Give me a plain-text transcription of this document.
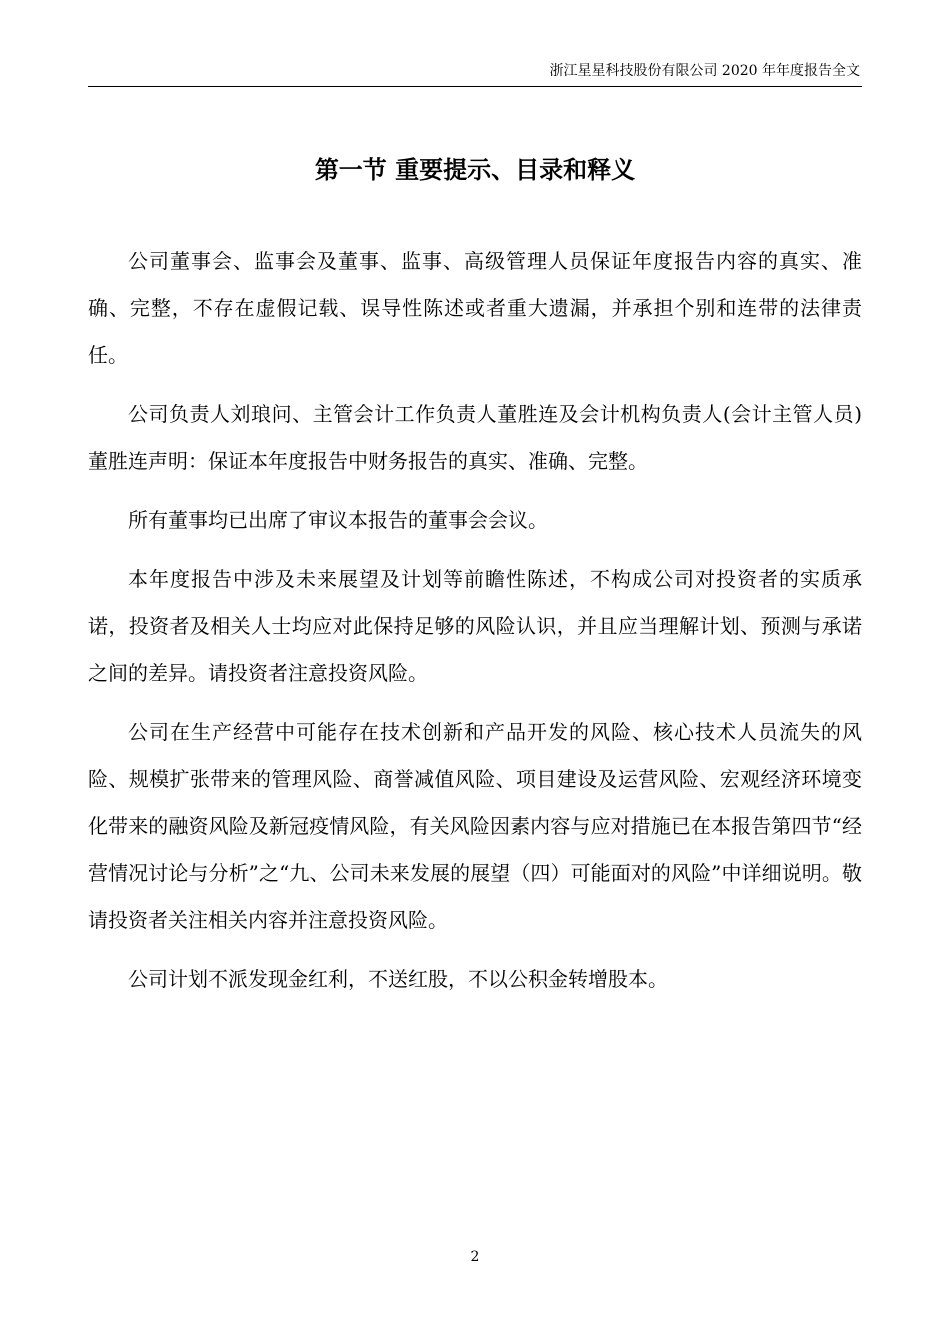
浙江星星科技股份有限公司 2020 年年度报告全文
第一节 重要提示、目录和释义

公司董事会、监事会及董事、监事、高级管理人员保证年度报告内容的真实、准确、完整，不存在虚假记载、误导性陈述或者重大遗漏，并承担个别和连带的法律责任。

公司负责人刘琅问、主管会计工作负责人董胜连及会计机构负责人(会计主管人员)董胜连声明：保证本年度报告中财务报告的真实、准确、完整。

所有董事均已出席了审议本报告的董事会会议。

本年度报告中涉及未来展望及计划等前瞻性陈述，不构成公司对投资者的实质承诺，投资者及相关人士均应对此保持足够的风险认识，并且应当理解计划、预测与承诺之间的差异。请投资者注意投资风险。

公司在生产经营中可能存在技术创新和产品开发的风险、核心技术人员流失的风险、规模扩张带来的管理风险、商誉减值风险、项目建设及运营风险、宏观经济环境变化带来的融资风险及新冠疫情风险，有关风险因素内容与应对措施已在本报告第四节“经营情况讨论与分析”之“九、公司未来发展的展望（四）可能面对的风险”中详细说明。敬请投资者关注相关内容并注意投资风险。

公司计划不派发现金红利，不送红股，不以公积金转增股本。

2
